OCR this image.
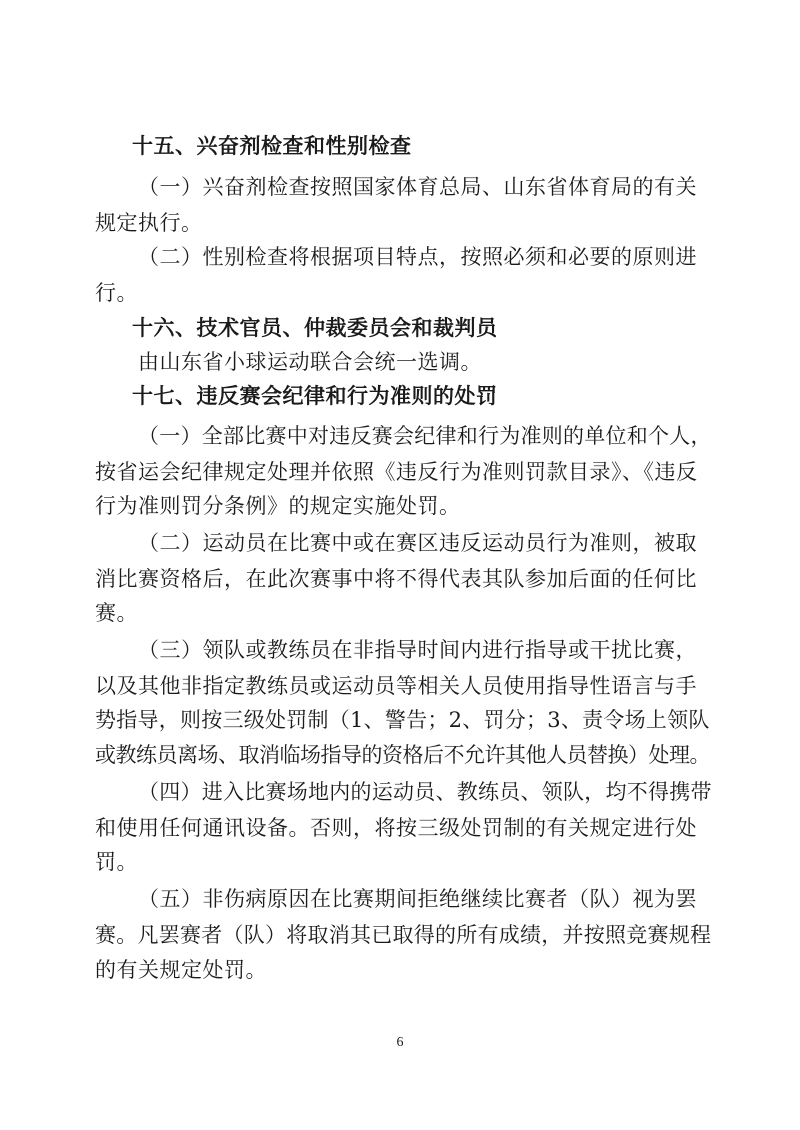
十五、兴奋剂检查和性别检查
（一）兴奋剂检查按照国家体育总局、山东省体育局的有关
规定执行。
（二）性别检查将根据项目特点，按照必须和必要的原则进
行。
十六、技术官员、仲裁委员会和裁判员
由山东省小球运动联合会统一选调。
十七、违反赛会纪律和行为准则的处罚
（一）全部比赛中对违反赛会纪律和行为准则的单位和个人，
按省运会纪律规定处理并依照《违反行为准则罚款目录》、《违反
行为准则罚分条例》的规定实施处罚。
（二）运动员在比赛中或在赛区违反运动员行为准则，被取
消比赛资格后，在此次赛事中将不得代表其队参加后面的任何比
赛。
（三）领队或教练员在非指导时间内进行指导或干扰比赛，
以及其他非指定教练员或运动员等相关人员使用指导性语言与手
势指导，则按三级处罚制（1、警告；2、罚分；3、责令场上领队
或教练员离场、取消临场指导的资格后不允许其他人员替换）处理。
（四）进入比赛场地内的运动员、教练员、领队，均不得携带
和使用任何通讯设备。否则，将按三级处罚制的有关规定进行处
罚。
（五）非伤病原因在比赛期间拒绝继续比赛者（队）视为罢
赛。凡罢赛者（队）将取消其已取得的所有成绩，并按照竞赛规程
的有关规定处罚。
6
